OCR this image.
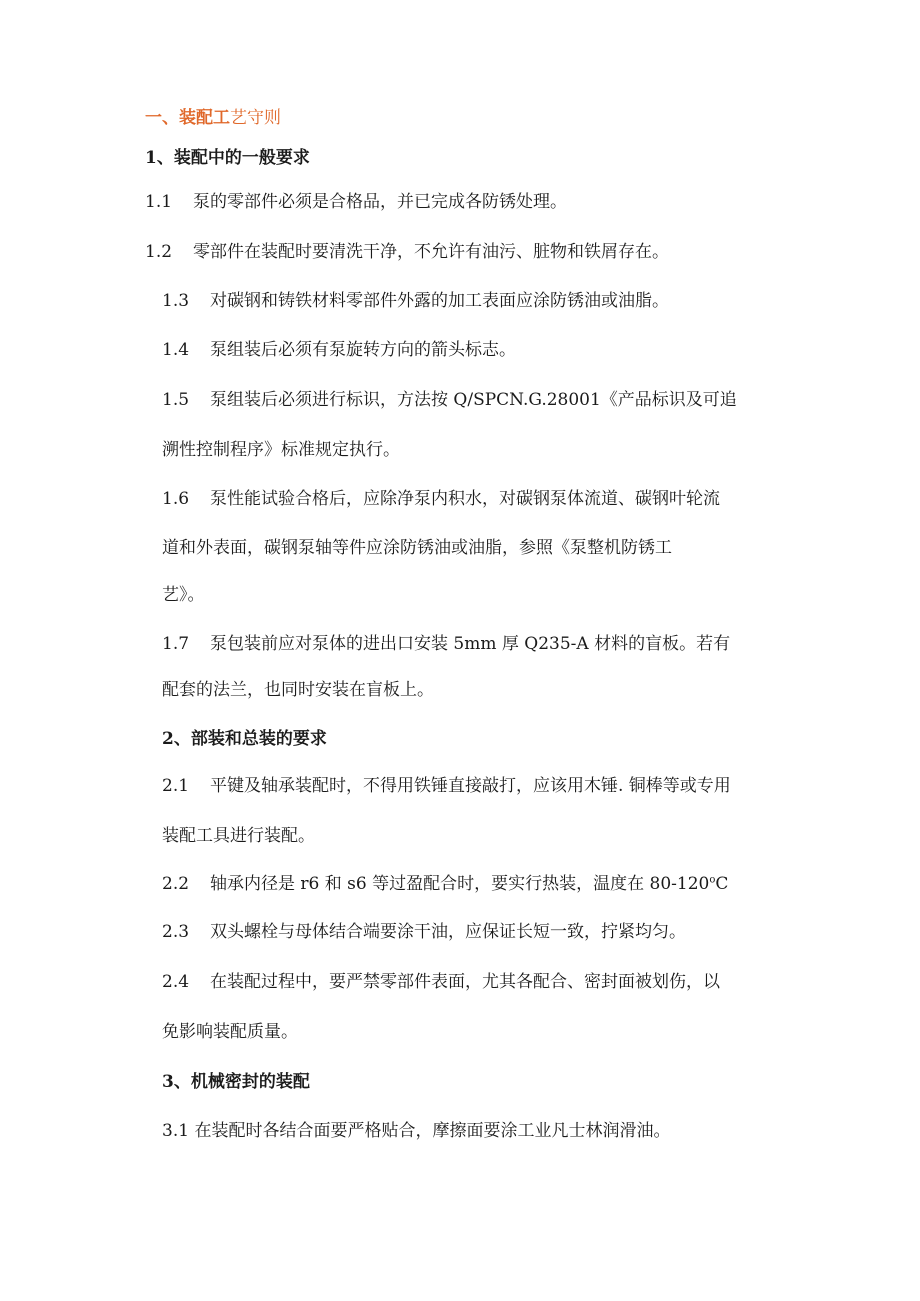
一、装配工艺守则
1、装配中的一般要求
1.1 泵的零部件必须是合格品，并已完成各防锈处理。
1.2 零部件在装配时要清洗干净，不允许有油污、脏物和铁屑存在。
1.3 对碳钢和铸铁材料零部件外露的加工表面应涂防锈油或油脂。
1.4 泵组装后必须有泵旋转方向的箭头标志。
1.5 泵组装后必须进行标识，方法按 Q/SPCN.G.28001《产品标识及可追
溯性控制程序》标准规定执行。
1.6 泵性能试验合格后，应除净泵内积水，对碳钢泵体流道、碳钢叶轮流
道和外表面，碳钢泵轴等件应涂防锈油或油脂，参照《泵整机防锈工
艺》。
1.7 泵包装前应对泵体的进出口安装 5mm 厚 Q235-A 材料的盲板。若有
配套的法兰，也同时安装在盲板上。
2、部装和总装的要求
2.1 平键及轴承装配时，不得用铁锤直接敲打，应该用木锤. 铜棒等或专用
装配工具进行装配。
2.2 轴承内径是 r6 和 s6 等过盈配合时，要实行热装，温度在 80-120$^o$C
2.3 双头螺栓与母体结合端要涂干油，应保证长短一致，拧紧均匀。
2.4 在装配过程中，要严禁零部件表面，尤其各配合、密封面被划伤，以
免影响装配质量。
3、机械密封的装配
3.1 在装配时各结合面要严格贴合，摩擦面要涂工业凡士林润滑油。
